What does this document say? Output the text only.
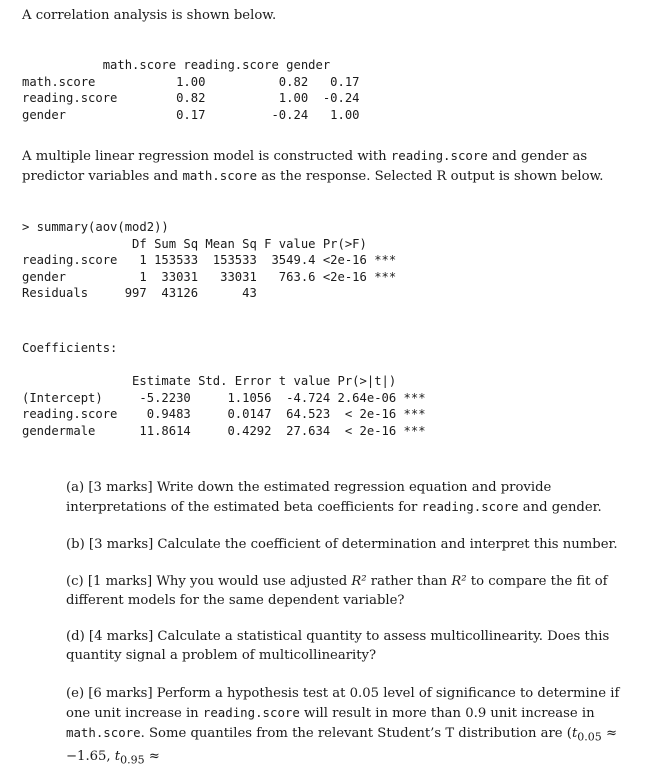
A correlation analysis is shown below.

math.score reading.score gender
math.score           1.00          0.82   0.17
reading.score        0.82          1.00  -0.24
gender               0.17         -0.24   1.00

A multiple linear regression model is constructed with reading.score and gender as predictor variables and math.score as the response. Selected R output is shown below.

> summary(aov(mod2))
Df Sum Sq Mean Sq F value Pr(>F)
reading.score   1 153533  153533  3549.4 <2e-16 ***
gender          1  33031   33031   763.6 <2e-16 ***
Residuals     997  43126      43
Coefficients:

Estimate Std. Error t value Pr(>|t|)
(Intercept)     -5.2230     1.1056  -4.724 2.64e-06 ***
reading.score    0.9483     0.0147  64.523  < 2e-16 ***
gendermale      11.8614     0.4292  27.634  < 2e-16 ***

(a) [3 marks] Write down the estimated regression equation and provide interpretations of the estimated beta coefficients for reading.score and gender.

(b) [3 marks] Calculate the coefficient of determination and interpret this number.

(c) [1 marks] Why you would use adjusted R² rather than R² to compare the fit of different models for the same dependent variable?

(d) [4 marks] Calculate a statistical quantity to assess multicollinearity. Does this quantity signal a problem of multicollinearity?

(e) [6 marks] Perform a hypothesis test at 0.05 level of significance to determine if one unit increase in reading.score will result in more than 0.9 unit increase in math.score. Some quantiles from the relevant Student’s T distribution are ($t_{0.05} \approx -1.65$, $t_{0.95}$ ≈
